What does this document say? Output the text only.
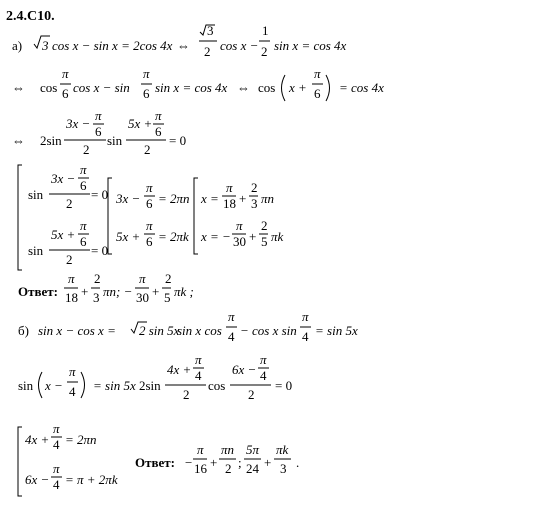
2.4.C10.
а) 3 cos x − sin x = 2cos 4x ⇔
3
2 cos x −
1
2 sin x = cos 4x
⇔ cos
π
6 cos x − sin
π
6 sin x = cos 4x ⇔ cos x +
π
6 = cos 4x
⇔ 2sin
3x −
π
6
2
sin
5x +
π
6
2
= 0
sin
3x −
π
6
2
= 0
sin
5x +
π
6
2
= 0
3x −
π
6 = 2πn
5x +
π
6 = 2πk
x =
π
18 +
2
3 πn
x = −
π
30 +
2
5 πk
Ответ:
π
18 +
2
3 πn; −
π
30 +
2
5 πk ;
б) sin x − cos x = 2 sin 5x
sin x cos
π
4 − cos x sin
π
4 = sin 5x
sin x −
π
4 = sin 5x 2sin
4x +
π
4
2
cos
6x −
π
4
2
= 0
4x +
π
4 = 2πn
6x −
π
4 = π + 2πk
Ответ: −
π
16 +
πn
2 ;
5π
24 +
πk
3 .
